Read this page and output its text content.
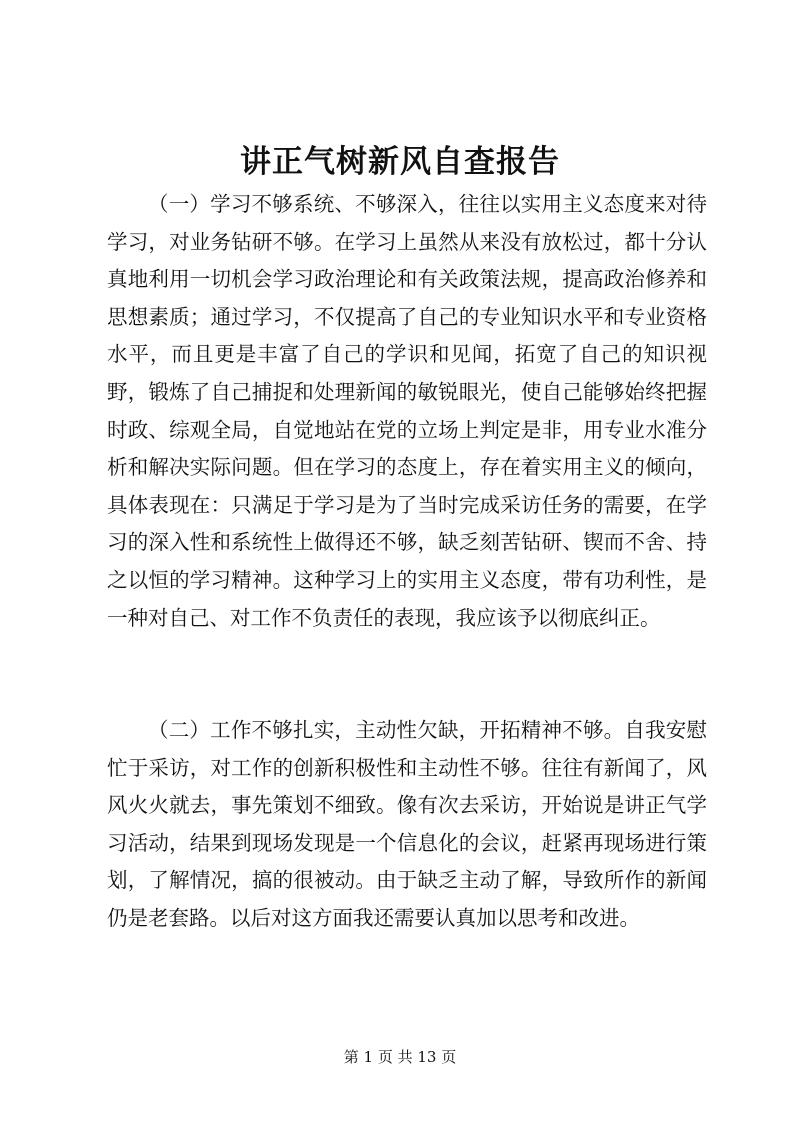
讲正气树新风自查报告

（一）学习不够系统、不够深入，往往以实用主义态度来对待学习，对业务钻研不够。在学习上虽然从来没有放松过，都十分认真地利用一切机会学习政治理论和有关政策法规，提高政治修养和思想素质；通过学习，不仅提高了自己的专业知识水平和专业资格水平，而且更是丰富了自己的学识和见闻，拓宽了自己的知识视野，锻炼了自己捕捉和处理新闻的敏锐眼光，使自己能够始终把握时政、综观全局，自觉地站在党的立场上判定是非，用专业水准分析和解决实际问题。但在学习的态度上，存在着实用主义的倾向，具体表现在：只满足于学习是为了当时完成采访任务的需要，在学习的深入性和系统性上做得还不够，缺乏刻苦钻研、锲而不舍、持之以恒的学习精神。这种学习上的实用主义态度，带有功利性，是一种对自己、对工作不负责任的表现，我应该予以彻底纠正。

（二）工作不够扎实，主动性欠缺，开拓精神不够。自我安慰忙于采访，对工作的创新积极性和主动性不够。往往有新闻了，风风火火就去，事先策划不细致。像有次去采访，开始说是讲正气学习活动，结果到现场发现是一个信息化的会议，赶紧再现场进行策划，了解情况，搞的很被动。由于缺乏主动了解，导致所作的新闻仍是老套路。以后对这方面我还需要认真加以思考和改进。

第 1 页 共 13 页
